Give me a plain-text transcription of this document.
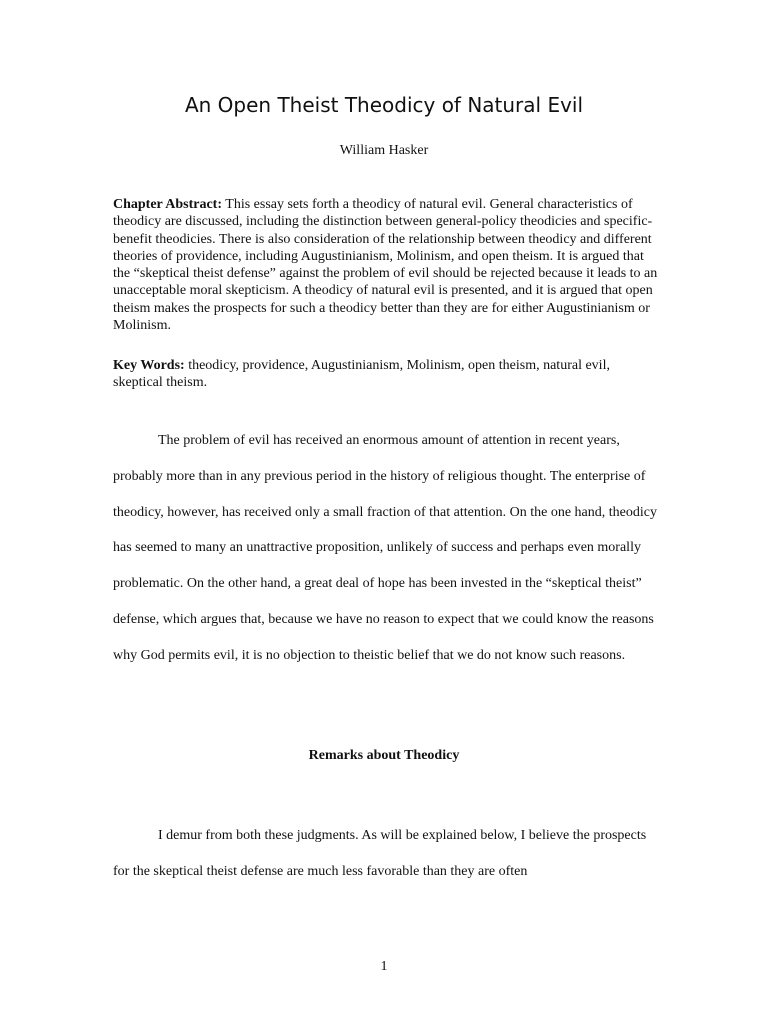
An Open Theist Theodicy of Natural Evil

William Hasker

Chapter Abstract: This essay sets forth a theodicy of natural evil. General characteristics of theodicy are discussed, including the distinction between general-policy theodicies and specific-benefit theodicies. There is also consideration of the relationship between theodicy and different theories of providence, including Augustinianism, Molinism, and open theism. It is argued that the “skeptical theist defense” against the problem of evil should be rejected because it leads to an unacceptable moral skepticism. A theodicy of natural evil is presented, and it is argued that open theism makes the prospects for such a theodicy better than they are for either Augustinianism or Molinism.

Key Words: theodicy, providence, Augustinianism, Molinism, open theism, natural evil, skeptical theism.

The problem of evil has received an enormous amount of attention in recent years, probably more than in any previous period in the history of religious thought. The enterprise of theodicy, however, has received only a small fraction of that attention. On the one hand, theodicy has seemed to many an unattractive proposition, unlikely of success and perhaps even morally problematic. On the other hand, a great deal of hope has been invested in the “skeptical theist” defense, which argues that, because we have no reason to expect that we could know the reasons why God permits evil, it is no objection to theistic belief that we do not know such reasons.

Remarks about Theodicy

I demur from both these judgments. As will be explained below, I believe the prospects for the skeptical theist defense are much less favorable than they are often

1
